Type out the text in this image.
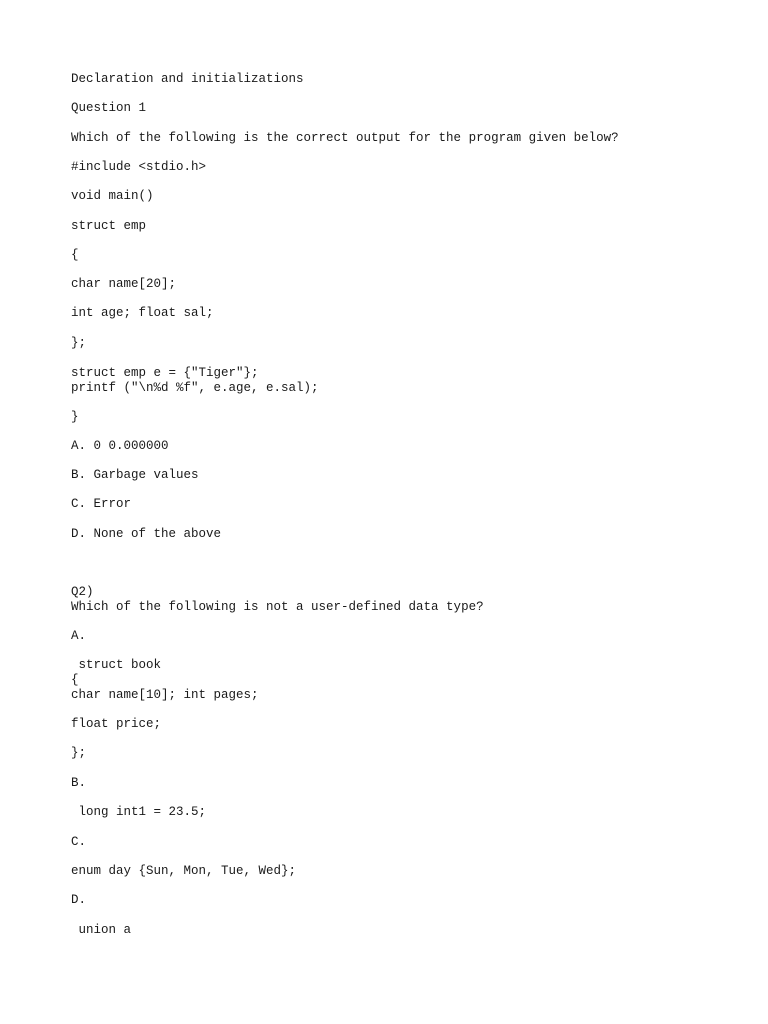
Declaration and initializations

Question 1

Which of the following is the correct output for the program given below?

#include <stdio.h>

void main()

struct emp

{

char name[20];

int age; float sal;

};

struct emp e = {"Tiger"};

printf ("\n%d %f", e.age, e.sal);

}

A. 0 0.000000

B. Garbage values

C. Error

D. None of the above

Q2)

Which of the following is not a user-defined data type?

A.

struct book

{

char name[10]; int pages;

float price;

};

B.

long int1 = 23.5;

C.

enum day {Sun, Mon, Tue, Wed};

D.

union a
